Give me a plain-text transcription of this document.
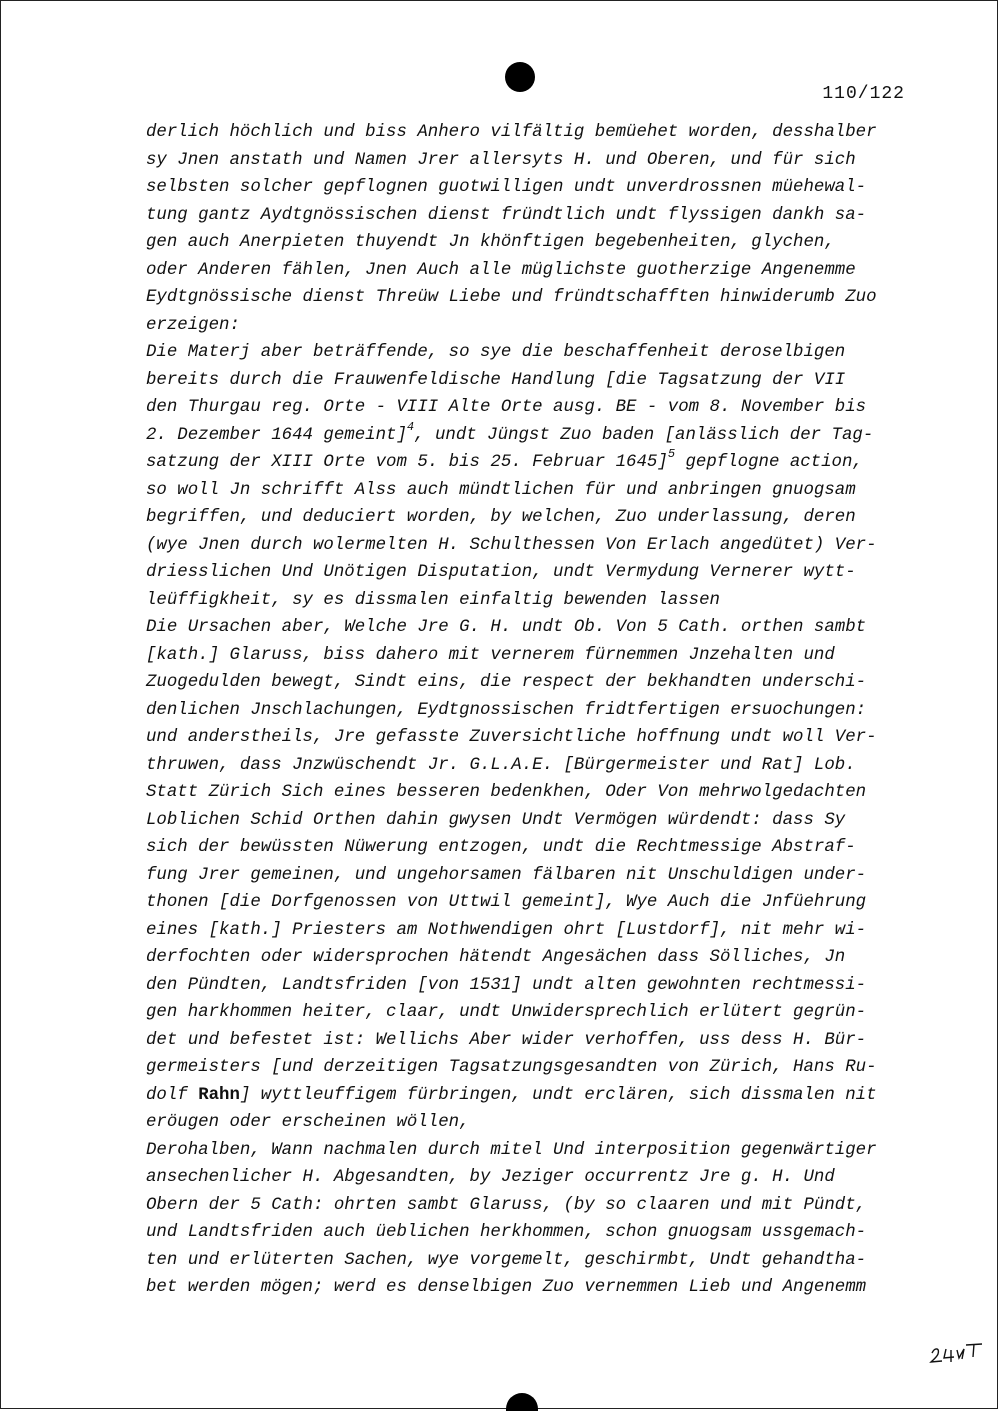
110/122
derlich höchlich und biss Anhero vilfältig bemüehet worden, desshalber
sy Jnen anstath und Namen Jrer allersyts H. und Oberen, und für sich
selbsten solcher gepflognen guotwilligen undt unverdrossnen müehewal-
tung gantz Aydtgnössischen dienst fründtlich undt flyssigen dankh sa-
gen auch Anerpieten thuyendt Jn khönftigen begebenheiten, glychen,
oder Anderen fählen, Jnen Auch alle müglichste guotherzige Angenemme
Eydtgnössische dienst Threüw Liebe und fründtschafften hinwiderumb Zuo
erzeigen:
Die Materj aber beträffende, so sye die beschaffenheit deroselbigen
bereits durch die Frauwenfeldische Handlung [die Tagsatzung der VII
den Thurgau reg. Orte - VIII Alte Orte ausg. BE - vom 8. November bis
2. Dezember 1644 gemeint]$^4$, undt Jüngst Zuo baden [anlässlich der Tag-
satzung der XIII Orte vom 5. bis 25. Februar 1645]$^5$ gepflogne action,
so woll Jn schrifft Alss auch mündtlichen für und anbringen gnuogsam
begriffen, und deduciert worden, by welchen, Zuo underlassung, deren
(wye Jnen durch wolermelten H. Schulthessen Von Erlach angedütet) Ver-
driesslichen Und Unötigen Disputation, undt Vermydung Vernerer wytt-
leüffigkheit, sy es dissmalen einfaltig bewenden lassen
Die Ursachen aber, Welche Jre G. H. undt Ob. Von 5 Cath. orthen sambt
[kath.] Glaruss, biss dahero mit vernerem fürnemmen Jnzehalten und
Zuogedulden bewegt, Sindt eins, die respect der bekhandten underschi-
denlichen Jnschlachungen, Eydtgnossischen fridtfertigen ersuochungen:
und anderstheils, Jre gefasste Zuversichtliche hoffnung undt woll Ver-
thruwen, dass Jnzwüschendt Jr. G.L.A.E. [Bürgermeister und Rat] Lob.
Statt Zürich Sich eines besseren bedenkhen, Oder Von mehrwolgedachten
Loblichen Schid Orthen dahin gwysen Undt Vermögen würdendt: dass Sy
sich der bewüssten Nüwerung entzogen, undt die Rechtmessige Abstraf-
fung Jrer gemeinen, und ungehorsamen fälbaren nit Unschuldigen under-
thonen [die Dorfgenossen von Uttwil gemeint], Wye Auch die Jnfüehrung
eines [kath.] Priesters am Nothwendigen ohrt [Lustdorf], nit mehr wi-
derfochten oder widersprochen hätendt Angesächen dass Sölliches, Jn
den Pündten, Landtsfriden [von 1531] undt alten gewohnten rechtmessi-
gen harkhommen heiter, claar, undt Unwidersprechlich erlütert gegrün-
det und befestet ist: Wellichs Aber wider verhoffen, uss dess H. Bür-
germeisters [und derzeitigen Tagsatzungsgesandten von Zürich, Hans Ru-
dolf Rahn] wyttleuffigem fürbringen, undt erclären, sich dissmalen nit
eröugen oder erscheinen wöllen,
Derohalben, Wann nachmalen durch mitel Und interposition gegenwärtiger
ansechenlicher H. Abgesandten, by Jeziger occurrentz Jre g. H. Und
Obern der 5 Cath: ohrten sambt Glaruss, (by so claaren und mit Pündt,
und Landtsfriden auch üeblichen herkhommen, schon gnuogsam ussgemach-
ten und erlüterten Sachen, wye vorgemelt, geschirmbt, Undt gehandtha-
bet werden mögen; werd es denselbigen Zuo vernemmen Lieb und Angenemm
